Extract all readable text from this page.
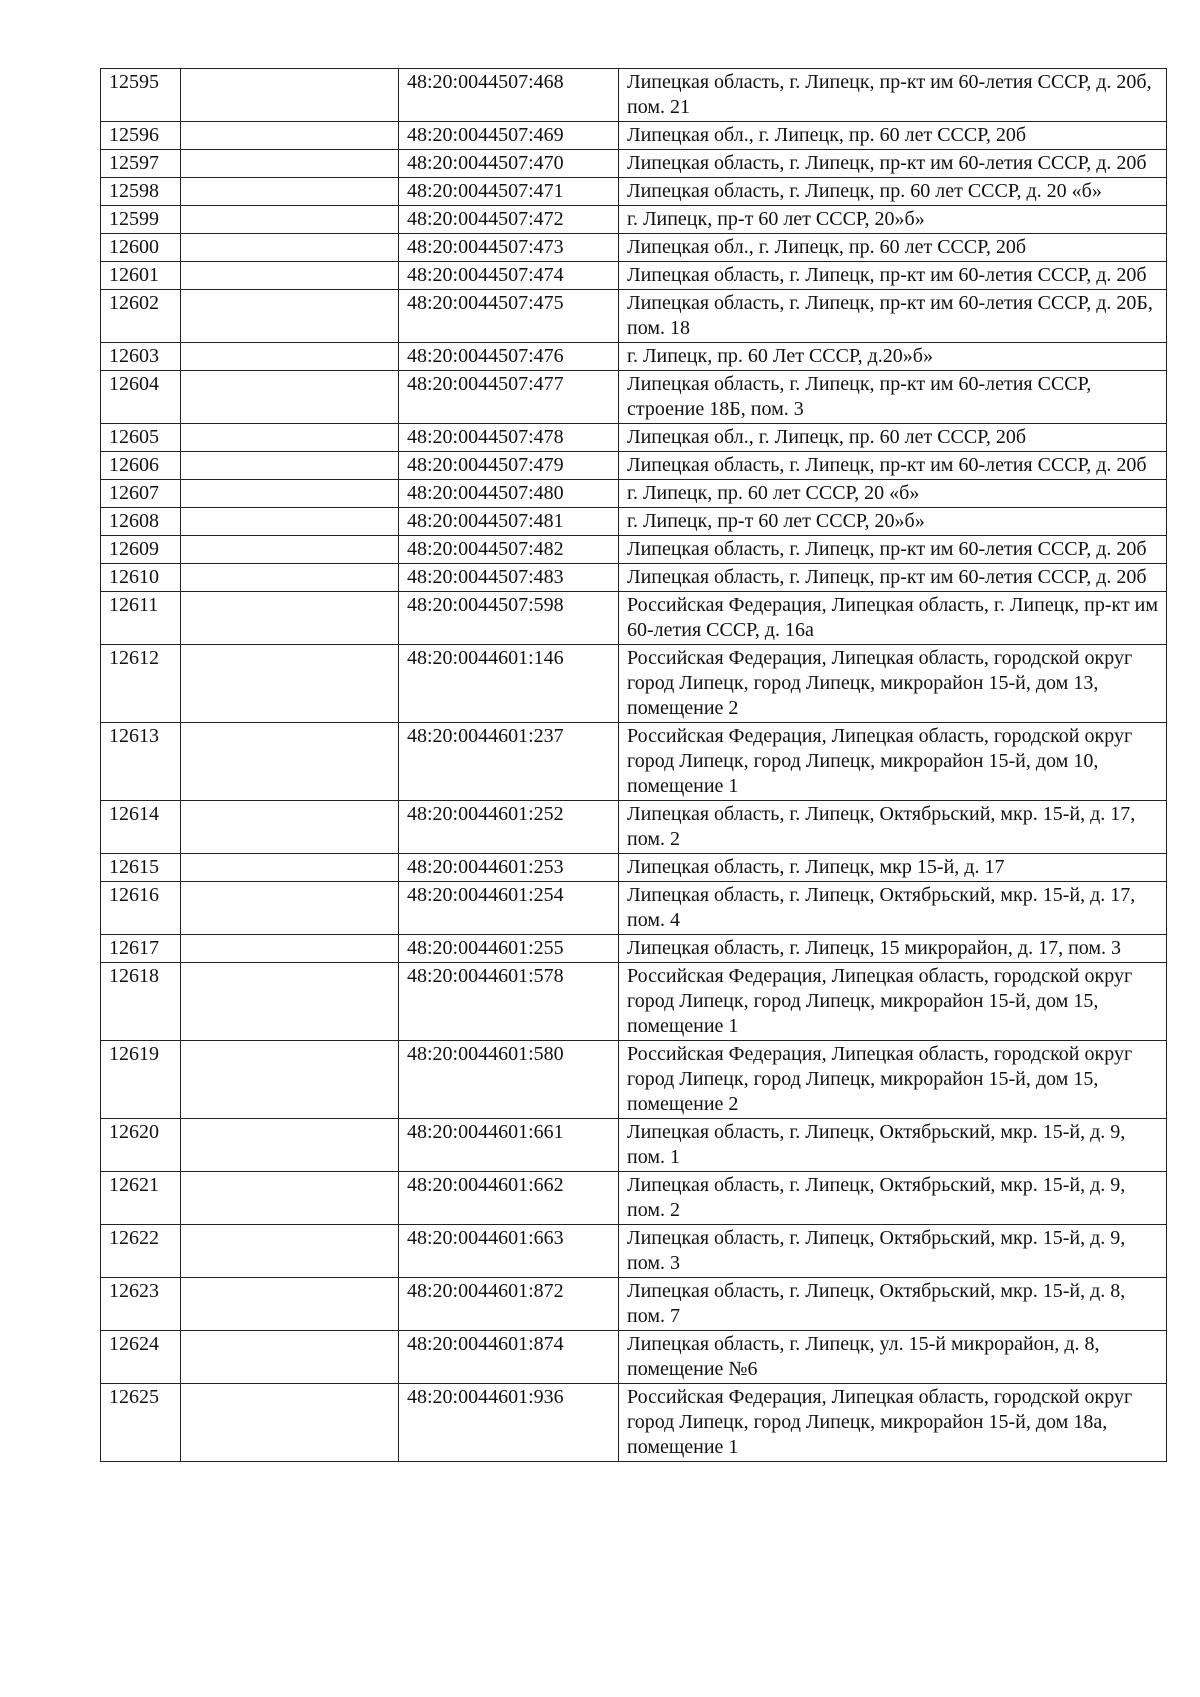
12595		48:20:0044507:468	Липецкая область, г. Липецк, пр-кт им 60-летия СССР, д. 20б, пом. 21
12596		48:20:0044507:469	Липецкая обл., г. Липецк, пр. 60 лет СССР, 20б
12597		48:20:0044507:470	Липецкая область, г. Липецк, пр-кт им 60-летия СССР, д. 20б
12598		48:20:0044507:471	Липецкая область, г. Липецк, пр. 60 лет СССР, д. 20 «б»
12599		48:20:0044507:472	г. Липецк, пр-т 60 лет СССР, 20»б»
12600		48:20:0044507:473	Липецкая обл., г. Липецк, пр. 60 лет СССР, 20б
12601		48:20:0044507:474	Липецкая область, г. Липецк, пр-кт им 60-летия СССР, д. 20б
12602		48:20:0044507:475	Липецкая область, г. Липецк, пр-кт им 60-летия СССР, д. 20Б, пом. 18
12603		48:20:0044507:476	г. Липецк, пр. 60 Лет СССР, д.20»б»
12604		48:20:0044507:477	Липецкая область, г. Липецк, пр-кт им 60-летия СССР, строение 18Б, пом. 3
12605		48:20:0044507:478	Липецкая обл., г. Липецк, пр. 60 лет СССР, 20б
12606		48:20:0044507:479	Липецкая область, г. Липецк, пр-кт им 60-летия СССР, д. 20б
12607		48:20:0044507:480	г. Липецк, пр. 60 лет СССР, 20 «б»
12608		48:20:0044507:481	г. Липецк, пр-т 60 лет СССР, 20»б»
12609		48:20:0044507:482	Липецкая область, г. Липецк, пр-кт им 60-летия СССР, д. 20б
12610		48:20:0044507:483	Липецкая область, г. Липецк, пр-кт им 60-летия СССР, д. 20б
12611		48:20:0044507:598	Российская Федерация, Липецкая область, г. Липецк, пр-кт им 60-летия СССР, д. 16а
12612		48:20:0044601:146	Российская Федерация, Липецкая область, городской округ город Липецк, город Липецк, микрорайон 15-й, дом 13, помещение 2
12613		48:20:0044601:237	Российская Федерация, Липецкая область, городской округ город Липецк, город Липецк, микрорайон 15-й, дом 10, помещение 1
12614		48:20:0044601:252	Липецкая область, г. Липецк, Октябрьский, мкр. 15-й, д. 17, пом. 2
12615		48:20:0044601:253	Липецкая область, г. Липецк, мкр 15-й, д. 17
12616		48:20:0044601:254	Липецкая область, г. Липецк, Октябрьский, мкр. 15-й, д. 17, пом. 4
12617		48:20:0044601:255	Липецкая область, г. Липецк, 15 микрорайон, д. 17, пом. 3
12618		48:20:0044601:578	Российская Федерация, Липецкая область, городской округ город Липецк, город Липецк, микрорайон 15-й, дом 15, помещение 1
12619		48:20:0044601:580	Российская Федерация, Липецкая область, городской округ город Липецк, город Липецк, микрорайон 15-й, дом 15, помещение 2
12620		48:20:0044601:661	Липецкая область, г. Липецк, Октябрьский, мкр. 15-й, д. 9, пом. 1
12621		48:20:0044601:662	Липецкая область, г. Липецк, Октябрьский, мкр. 15-й, д. 9, пом. 2
12622		48:20:0044601:663	Липецкая область, г. Липецк, Октябрьский, мкр. 15-й, д. 9, пом. 3
12623		48:20:0044601:872	Липецкая область, г. Липецк, Октябрьский, мкр. 15-й, д. 8, пом. 7
12624		48:20:0044601:874	Липецкая область, г. Липецк, ул. 15-й микрорайон, д. 8, помещение №6
12625		48:20:0044601:936	Российская Федерация, Липецкая область, городской округ город Липецк, город Липецк, микрорайон 15-й, дом 18а, помещение 1
